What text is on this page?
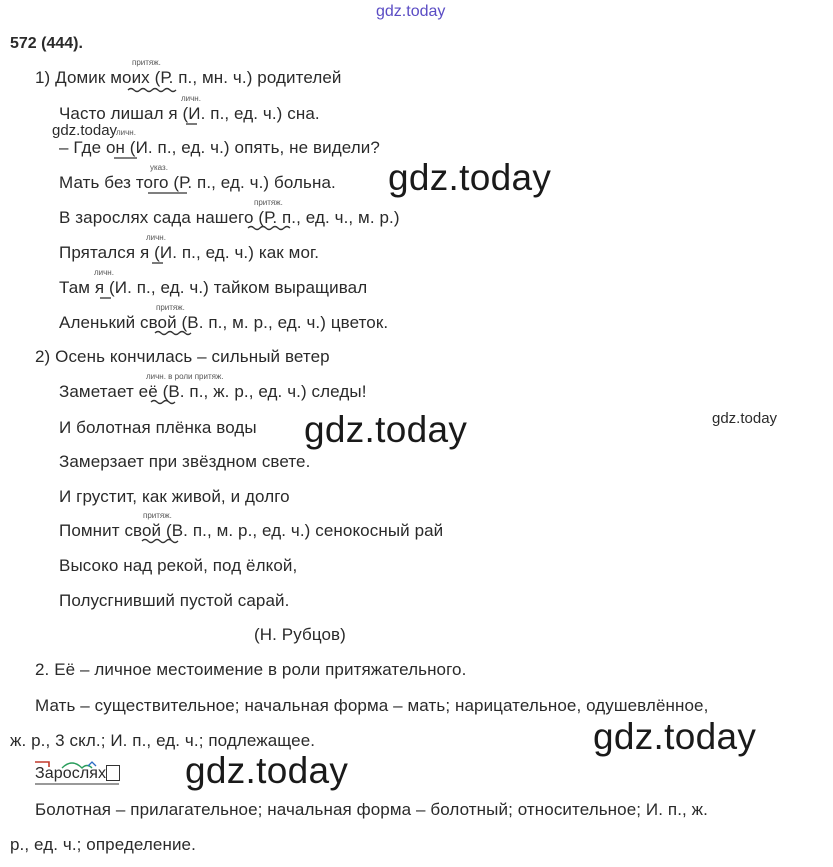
gdz.today
572 (444).
1) Домик моих (Р. п., мн. ч.) родителей
Часто лишал я (И. п., ед. ч.) сна.
– Где он (И. п., ед. ч.) опять, не видели?
Мать без того (Р. п., ед. ч.) больна.
В зарослях сада нашего (Р. п., ед. ч., м. р.)
Прятался я (И. п., ед. ч.) как мог.
Там я (И. п., ед. ч.) тайком выращивал
Аленький свой (В. п., м. р., ед. ч.) цветок.
2) Осень кончилась – сильный ветер
Заметает её (В. п., ж. р., ед. ч.) следы!
И болотная плёнка воды
Замерзает при звёздном свете.
И грустит, как живой, и долго
Помнит свой (В. п., м. р., ед. ч.) сенокосный рай
Высоко над рекой, под ёлкой,
Полусгнивший пустой сарай.
(Н. Рубцов)
2. Её – личное местоимение в роли притяжательного.
Мать – существительное; начальная форма – мать; нарицательное, одушевлённое,
ж. р., 3 скл.; И. п., ед. ч.; подлежащее.
Зарослях
Болотная – прилагательное; начальная форма – болотный; относительное; И. п., ж.
р., ед. ч.; определение.
притяж.
личн.
личн.
указ.
притяж.
личн.
личн.
притяж.
личн. в роли притяж.
притяж.
gdz.today
gdz.today
gdz.today	gdz.today
gdz.today
gdz.today
